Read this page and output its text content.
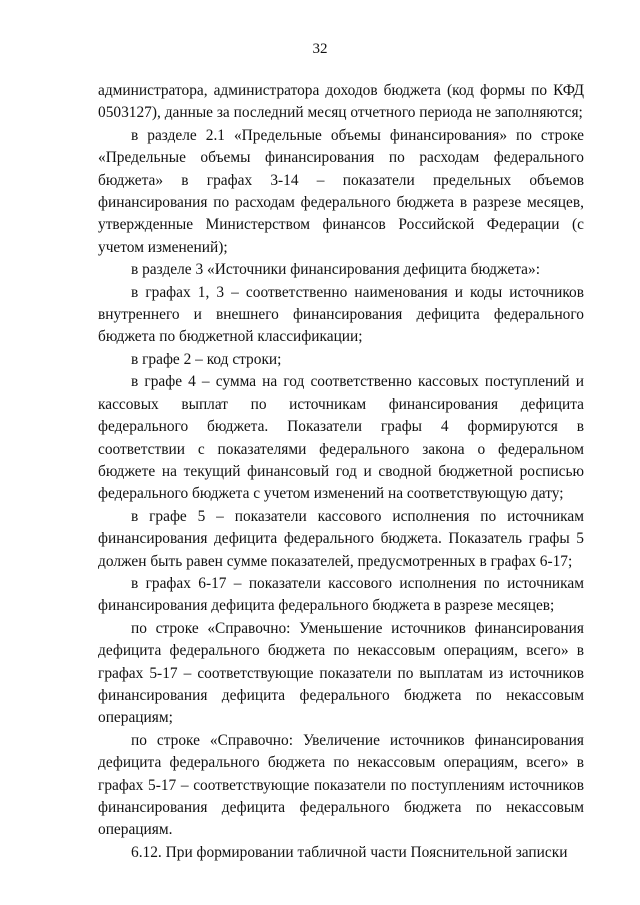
32

администратора, администратора доходов бюджета (код формы по КФД 0503127), данные за последний месяц отчетного периода не заполняются;

в разделе 2.1 «Предельные объемы финансирования» по строке «Предельные объемы финансирования по расходам федерального бюджета» в графах 3-14 – показатели предельных объемов финансирования по расходам федерального бюджета в разрезе месяцев, утвержденные Министерством финансов Российской Федерации (с учетом изменений);

в разделе 3 «Источники финансирования дефицита бюджета»:

в графах 1, 3 – соответственно наименования и коды источников внутреннего и внешнего финансирования дефицита федерального бюджета по бюджетной классификации;

в графе 2 – код строки;

в графе 4 – сумма на год соответственно кассовых поступлений и кассовых выплат по источникам финансирования дефицита федерального бюджета. Показатели графы 4 формируются в соответствии с показателями федерального закона о федеральном бюджете на текущий финансовый год и сводной бюджетной росписью федерального бюджета с учетом изменений на соответствующую дату;

в графе 5 – показатели кассового исполнения по источникам финансирования дефицита федерального бюджета. Показатель графы 5 должен быть равен сумме показателей, предусмотренных в графах 6-17;

в графах 6-17 – показатели кассового исполнения по источникам финансирования дефицита федерального бюджета в разрезе месяцев;

по строке «Справочно: Уменьшение источников финансирования дефицита федерального бюджета по некассовым операциям, всего» в графах 5-17 – соответствующие показатели по выплатам из источников финансирования дефицита федерального бюджета по некассовым операциям;

по строке «Справочно: Увеличение источников финансирования дефицита федерального бюджета по некассовым операциям, всего» в графах 5-17 – соответствующие показатели по поступлениям источников финансирования дефицита федерального бюджета по некассовым операциям.

6.12. При формировании табличной части Пояснительной записки
